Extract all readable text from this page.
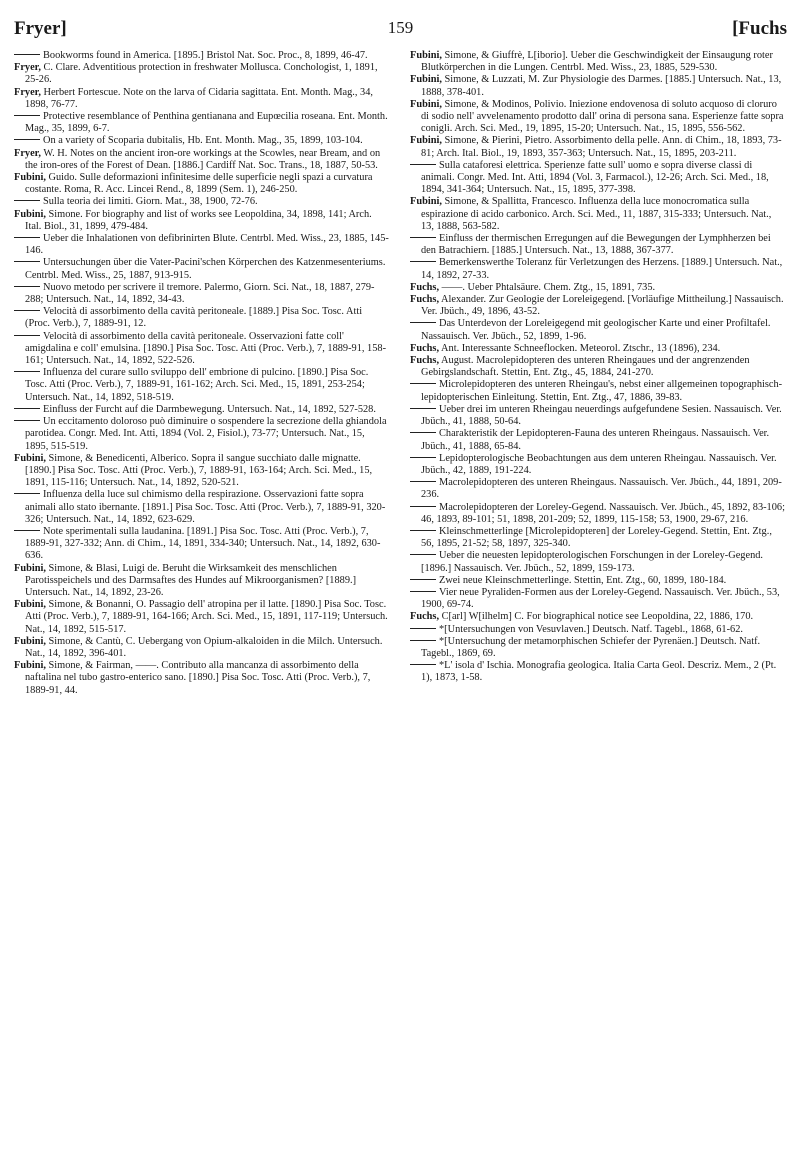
Fryer]	159	[Fuchs
Bookworms found in America. [1895.] Bristol Nat. Soc. Proc., 8, 1899, 46-47.
Fryer, C. Clare. Adventitious protection in freshwater Mollusca. Conchologist, 1, 1891, 25-26.
Fryer, Herbert Fortescue. Note on the larva of Cidaria sagittata. Ent. Month. Mag., 34, 1898, 76-77.
Protective resemblance of Penthina gentianana and Eupœcilia roseana. Ent. Month. Mag., 35, 1899, 6-7.
On a variety of Scoparia dubitalis, Hb. Ent. Month. Mag., 35, 1899, 103-104.
Fryer, W. H. Notes on the ancient iron-ore workings at the Scowles, near Bream, and on the iron-ores of the Forest of Dean. [1886.] Cardiff Nat. Soc. Trans., 18, 1887, 50-53.
Fubini, Guido. Sulle deformazioni infinitesime delle superficie negli spazi a curvatura costante. Roma, R. Acc. Lincei Rend., 8, 1899 (Sem. 1), 246-250.
Sulla teoria dei limiti. Giorn. Mat., 38, 1900, 72-76.
Fubini, Simone. For biography and list of works see Leopoldina, 34, 1898, 141; Arch. Ital. Biol., 31, 1899, 479-484.
Ueber die Inhalationen von defibrinirten Blute. Centrbl. Med. Wiss., 23, 1885, 145-146.
Untersuchungen über die Vater-Pacini'schen Körperchen des Katzenmesenteriums. Centrbl. Med. Wiss., 25, 1887, 913-915.
Nuovo metodo per scrivere il tremore. Palermo, Giorn. Sci. Nat., 18, 1887, 279-288; Untersuch. Nat., 14, 1892, 34-43.
Velocità di assorbimento della cavità peritoneale. [1889.] Pisa Soc. Tosc. Atti (Proc. Verb.), 7, 1889-91, 12.
Velocità di assorbimento della cavità peritoneale. Osservazioni fatte coll' amigdalina e coll' emulsina. [1890.] Pisa Soc. Tosc. Atti (Proc. Verb.), 7, 1889-91, 158-161; Untersuch. Nat., 14, 1892, 522-526.
Influenza del curare sullo sviluppo dell' embrione di pulcino. [1890.] Pisa Soc. Tosc. Atti (Proc. Verb.), 7, 1889-91, 161-162; Arch. Sci. Med., 15, 1891, 253-254; Untersuch. Nat., 14, 1892, 518-519.
Einfluss der Furcht auf die Darmbewegung. Untersuch. Nat., 14, 1892, 527-528.
Un eccitamento doloroso può diminuire o sospendere la secrezione della ghiandola parotidea. Congr. Med. Int. Atti, 1894 (Vol. 2, Fisiol.), 73-77; Untersuch. Nat., 15, 1895, 515-519.
Fubini, Simone, & Benedicenti, Alberico. Sopra il sangue succhiato dalle mignatte. [1890.] Pisa Soc. Tosc. Atti (Proc. Verb.), 7, 1889-91, 163-164; Arch. Sci. Med., 15, 1891, 115-116; Untersuch. Nat., 14, 1892, 520-521.
Influenza della luce sul chimismo della respirazione. Osservazioni fatte sopra animali allo stato ibernante. [1891.] Pisa Soc. Tosc. Atti (Proc. Verb.), 7, 1889-91, 320-326; Untersuch. Nat., 14, 1892, 623-629.
Note sperimentali sulla laudanina. [1891.] Pisa Soc. Tosc. Atti (Proc. Verb.), 7, 1889-91, 327-332; Ann. di Chim., 14, 1891, 334-340; Untersuch. Nat., 14, 1892, 630-636.
Fubini, Simone, & Blasi, Luigi de. Beruht die Wirksamkeit des menschlichen Parotisspeichels und des Darmsaftes des Hundes auf Mikroorganismen? [1889.] Untersuch. Nat., 14, 1892, 23-26.
Fubini, Simone, & Bonanni, O. Passagio dell' atropina per il latte. [1890.] Pisa Soc. Tosc. Atti (Proc. Verb.), 7, 1889-91, 164-166; Arch. Sci. Med., 15, 1891, 117-119; Untersuch. Nat., 14, 1892, 515-517.
Fubini, Simone, & Cantù, C. Uebergang von Opium-alkaloiden in die Milch. Untersuch. Nat., 14, 1892, 396-401.
Fubini, Simone, & Fairman, ——. Contributo alla mancanza di assorbimento della naftalina nel tubo gastro-enterico sano. [1890.] Pisa Soc. Tosc. Atti (Proc. Verb.), 7, 1889-91, 44.
Fubini, Simone, & Giuffrè, L[iborio]. Ueber die Geschwindigkeit der Einsaugung roter Blutkörperchen in die Lungen. Centrbl. Med. Wiss., 23, 1885, 529-530.
Fubini, Simone, & Luzzati, M. Zur Physiologie des Darmes. [1885.] Untersuch. Nat., 13, 1888, 378-401.
Fubini, Simone, & Modinos, Polivio. Iniezione endovenosa di soluto acquoso di cloruro di sodio nell' avvelenamento prodotto dall' orina di persona sana. Esperienze fatte sopra conigli. Arch. Sci. Med., 19, 1895, 15-20; Untersuch. Nat., 15, 1895, 556-562.
Fubini, Simone, & Pierini, Pietro. Assorbimento della pelle. Ann. di Chim., 18, 1893, 73-81; Arch. Ital. Biol., 19, 1893, 357-363; Untersuch. Nat., 15, 1895, 203-211.
Sulla cataforesi elettrica. Sperienze fatte sull' uomo e sopra diverse classi di animali. Congr. Med. Int. Atti, 1894 (Vol. 3, Farmacol.), 12-26; Arch. Sci. Med., 18, 1894, 341-364; Untersuch. Nat., 15, 1895, 377-398.
Fubini, Simone, & Spallitta, Francesco. Influenza della luce monocromatica sulla espirazione di acido carbonico. Arch. Sci. Med., 11, 1887, 315-333; Untersuch. Nat., 13, 1888, 563-582.
Einfluss der thermischen Erregungen auf die Bewegungen der Lymphherzen bei den Batrachiern. [1885.] Untersuch. Nat., 13, 1888, 367-377.
Bemerkenswerthe Toleranz für Verletzungen des Herzens. [1889.] Untersuch. Nat., 14, 1892, 27-33.
Fuchs, ——. Ueber Phtalsäure. Chem. Ztg., 15, 1891, 735.
Fuchs, Alexander. Zur Geologie der Loreleigegend. [Vorläufige Mittheilung.] Nassauisch. Ver. Jbüch., 49, 1896, 43-52.
Das Unterdevon der Loreleigegend mit geologischer Karte und einer Profiltafel. Nassauisch. Ver. Jbüch., 52, 1899, 1-96.
Fuchs, Ant. Interessante Schneeflocken. Meteorol. Ztschr., 13 (1896), 234.
Fuchs, August. Macrolepidopteren des unteren Rheingaues und der angrenzenden Gebirgslandschaft. Stettin, Ent. Ztg., 45, 1884, 241-270.
Microlepidopteren des unteren Rheingau's, nebst einer allgemeinen topographisch-lepidopterischen Einleitung. Stettin, Ent. Ztg., 47, 1886, 39-83.
Ueber drei im unteren Rheingau neuerdings aufgefundene Sesien. Nassauisch. Ver. Jbüch., 41, 1888, 50-64.
Charakteristik der Lepidopteren-Fauna des unteren Rheingaus. Nassauisch. Ver. Jbüch., 41, 1888, 65-84.
Lepidopterologische Beobachtungen aus dem unteren Rheingau. Nassauisch. Ver. Jbüch., 42, 1889, 191-224.
Macrolepidopteren des unteren Rheingaus. Nassauisch. Ver. Jbüch., 44, 1891, 209-236.
Macrolepidopteren der Loreley-Gegend. Nassauisch. Ver. Jbüch., 45, 1892, 83-106; 46, 1893, 89-101; 51, 1898, 201-209; 52, 1899, 115-158; 53, 1900, 29-67, 216.
Kleinschmetterlinge [Microlepidopteren] der Loreley-Gegend. Stettin, Ent. Ztg., 56, 1895, 21-52; 58, 1897, 325-340.
Ueber die neuesten lepidopterologischen Forschungen in der Loreley-Gegend. [1896.] Nassauisch. Ver. Jbüch., 52, 1899, 159-173.
Zwei neue Kleinschmetterlinge. Stettin, Ent. Ztg., 60, 1899, 180-184.
Vier neue Pyraliden-Formen aus der Loreley-Gegend. Nassauisch. Ver. Jbüch., 53, 1900, 69-74.
Fuchs, C[arl] W[ilhelm] C. For biographical notice see Leopoldina, 22, 1886, 170.
*[Untersuchungen von Vesuvlaven.] Deutsch. Natf. Tagebl., 1868, 61-62.
*[Untersuchung der metamorphischen Schiefer der Pyrenäen.] Deutsch. Natf. Tagebl., 1869, 69.
*L' isola d' Ischia. Monografia geologica. Italia Carta Geol. Descriz. Mem., 2 (Pt. 1), 1873, 1-58.
